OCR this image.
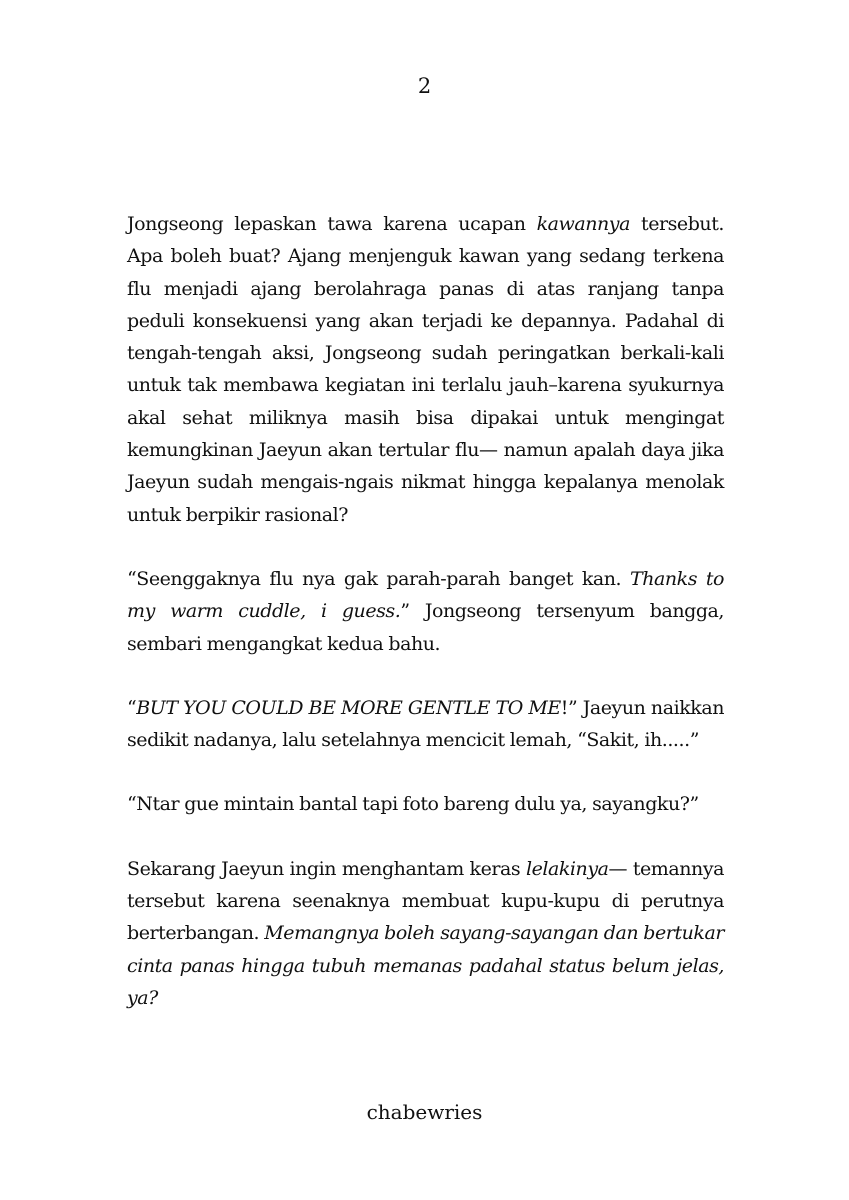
2

Jongseong lepaskan tawa karena ucapan kawannya tersebut. Apa boleh buat? Ajang menjenguk kawan yang sedang terkena flu menjadi ajang berolahraga panas di atas ranjang tanpa peduli konsekuensi yang akan terjadi ke depannya. Padahal di tengah-tengah aksi, Jongseong sudah peringatkan berkali-kali untuk tak membawa kegiatan ini terlalu jauh–karena syukurnya akal sehat miliknya masih bisa dipakai untuk mengingat kemungkinan Jaeyun akan tertular flu— namun apalah daya jika Jaeyun sudah mengais-ngais nikmat hingga kepalanya menolak untuk berpikir rasional?

“Seenggaknya flu nya gak parah-parah banget kan. Thanks to my warm cuddle, i guess.” Jongseong tersenyum bangga, sembari mengangkat kedua bahu.

“BUT YOU COULD BE MORE GENTLE TO ME!” Jaeyun naikkan sedikit nadanya, lalu setelahnya mencicit lemah, “Sakit, ih.....”

“Ntar gue mintain bantal tapi foto bareng dulu ya, sayangku?”

Sekarang Jaeyun ingin menghantam keras lelakinya— temannya tersebut karena seenaknya membuat kupu-kupu di perutnya berterbangan. Memangnya boleh sayang-sayangan dan bertukar cinta panas hingga tubuh memanas padahal status belum jelas, ya?

chabewries
